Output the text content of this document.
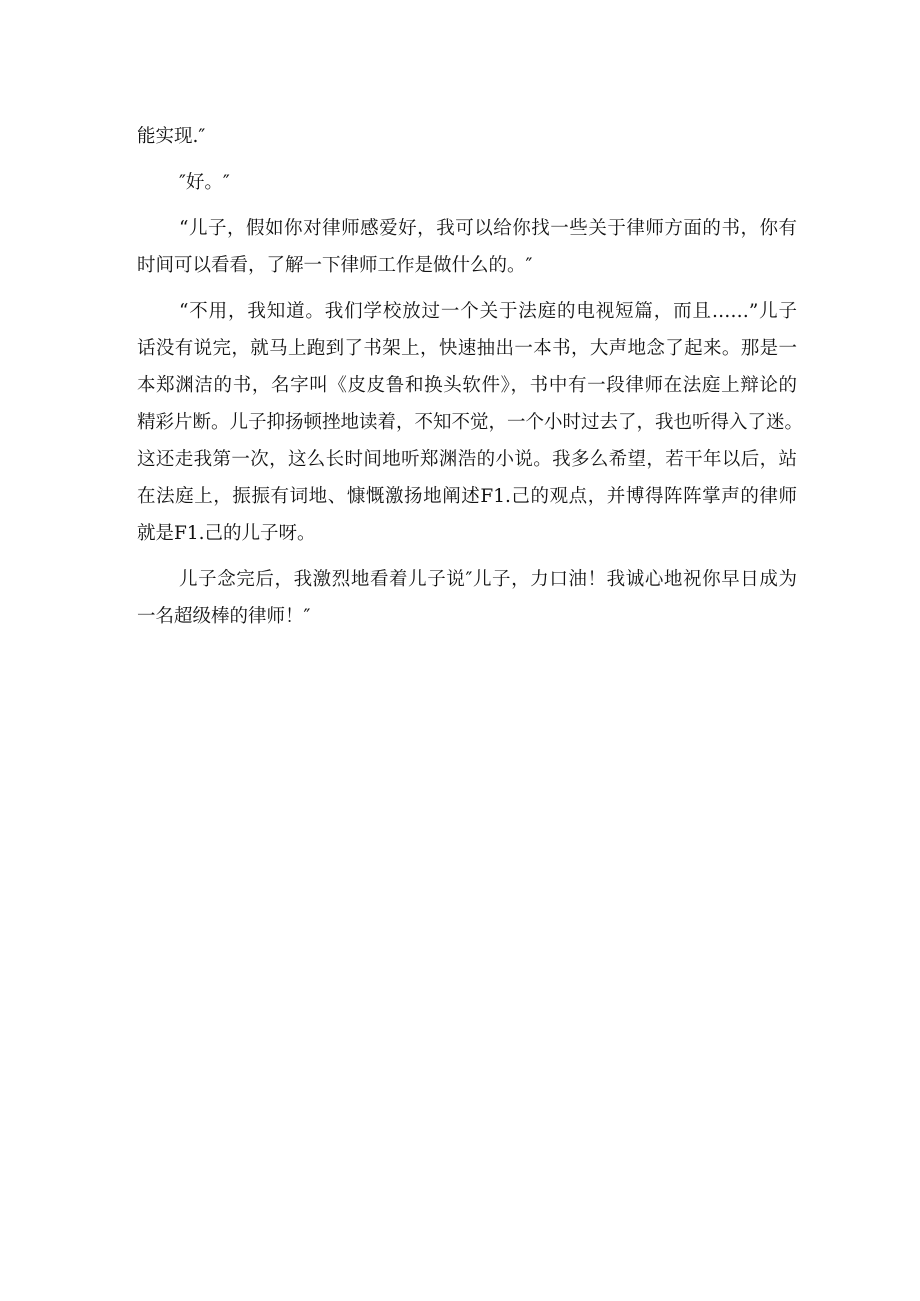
能实现.″
″好。″
“儿子，假如你对律师感爱好，我可以给你找一些关于律师方面的书，你有
时间可以看看，了解一下律师工作是做什么的。″
“不用，我知道。我们学校放过一个关于法庭的电视短篇，而且……”儿子
话没有说完，就马上跑到了书架上，快速抽出一本书，大声地念了起来。那是一
本郑渊洁的书，名字叫《皮皮鲁和换头软件》，书中有一段律师在法庭上辩论的
精彩片断。儿子抑扬顿挫地读着，不知不觉，一个小时过去了，我也听得入了迷。
这还走我第一次，这么长时间地听郑渊浩的小说。我多么希望，若干年以后，站
在法庭上，振振有词地、慷慨激扬地阐述F1.己的观点，并博得阵阵掌声的律师
就是F1.己的儿子呀。
儿子念完后，我激烈地看着儿子说″儿子，力口油！我诚心地祝你早日成为
一名超级棒的律师！″
